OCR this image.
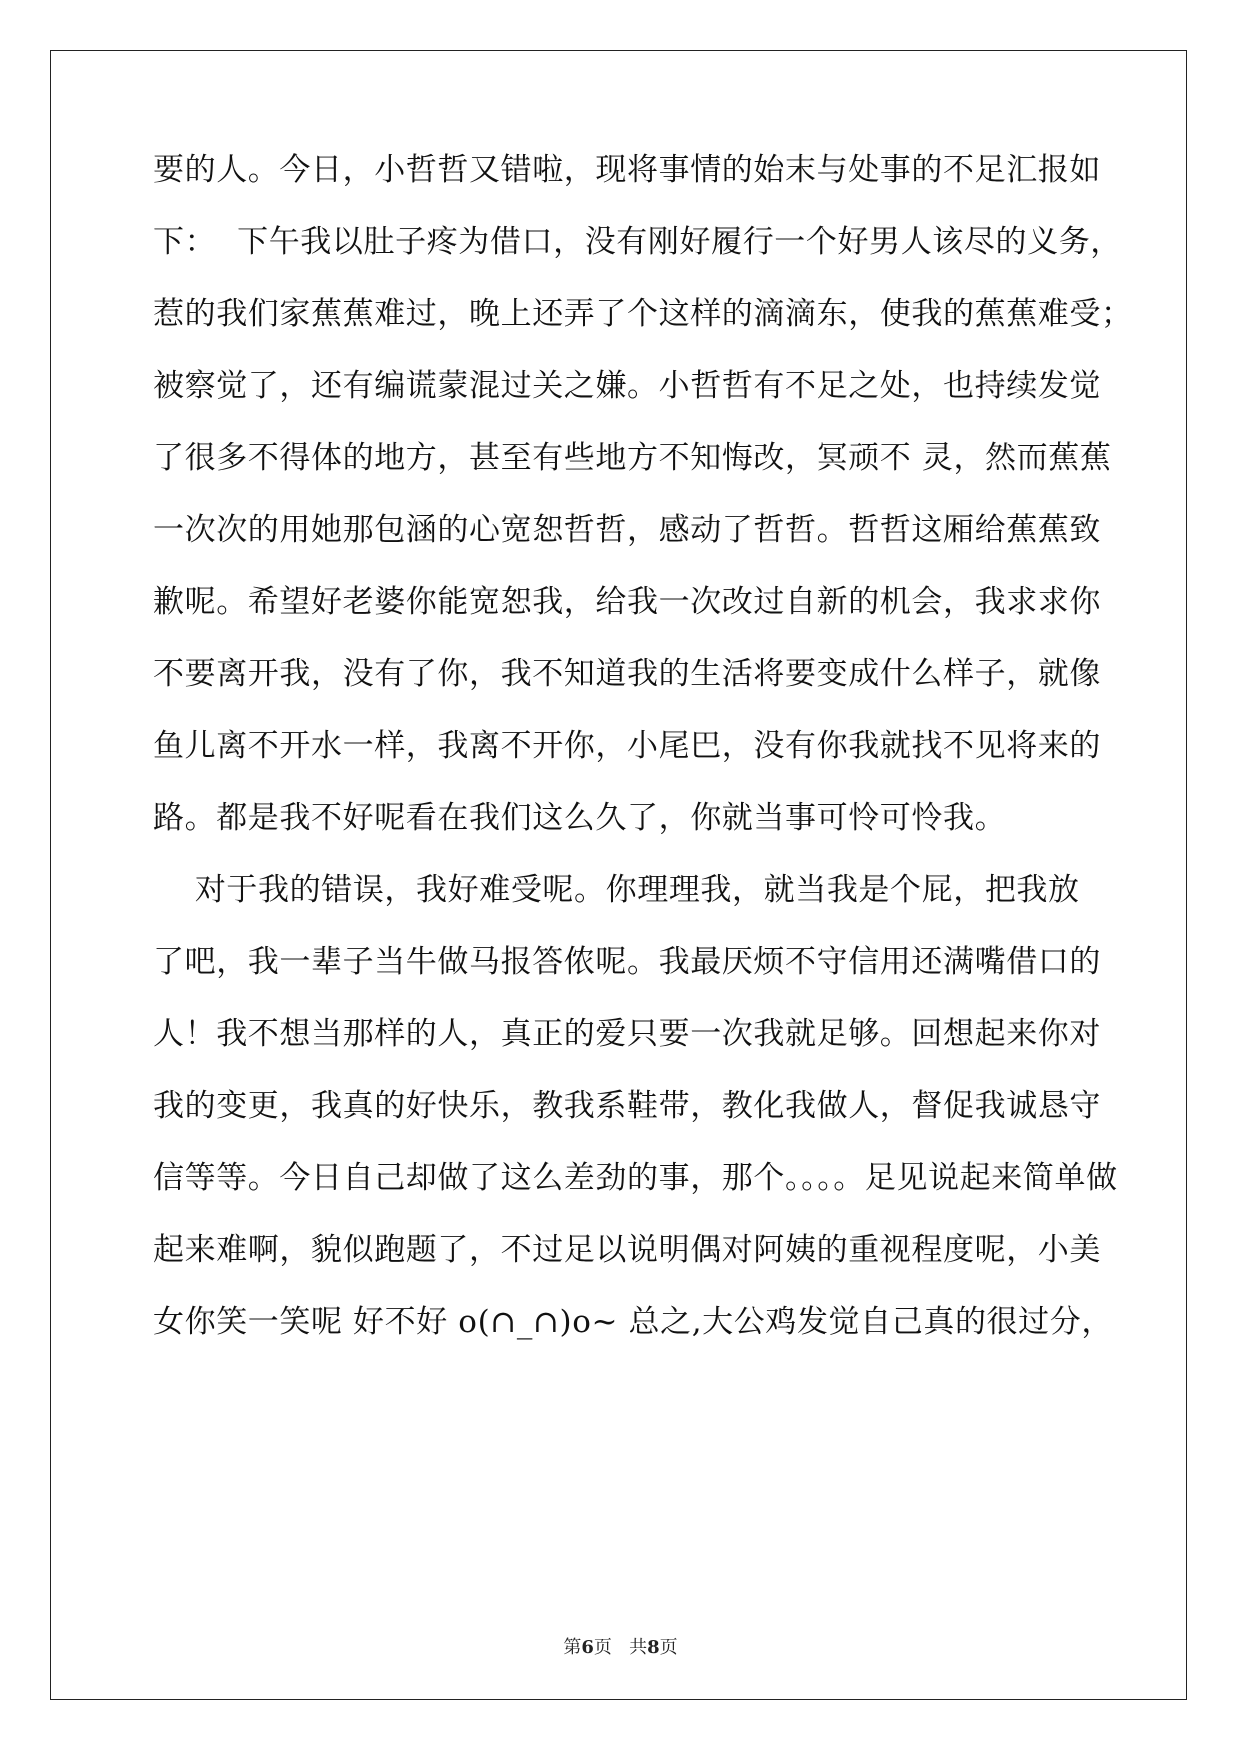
要的人。今日，小哲哲又错啦，现将事情的始末与处事的不足汇报如
下：  下午我以肚子疼为借口，没有刚好履行一个好男人该尽的义务，
惹的我们家蕉蕉难过，晚上还弄了个这样的滴滴东，使我的蕉蕉难受；
被察觉了，还有编谎蒙混过关之嫌。小哲哲有不足之处，也持续发觉
了很多不得体的地方，甚至有些地方不知悔改，冥顽不 灵，然而蕉蕉
一次次的用她那包涵的心宽恕哲哲，感动了哲哲。哲哲这厢给蕉蕉致
歉呢。希望好老婆你能宽恕我，给我一次改过自新的机会，我求求你
不要离开我，没有了你，我不知道我的生活将要变成什么样子，就像
鱼儿离不开水一样，我离不开你，小尾巴，没有你我就找不见将来的
路。都是我不好呢看在我们这么久了，你就当事可怜可怜我。
对于我的错误，我好难受呢。你理理我，就当我是个屁，把我放
了吧，我一辈子当牛做马报答侬呢。我最厌烦不守信用还满嘴借口的
人！我不想当那样的人，真正的爱只要一次我就足够。回想起来你对
我的变更，我真的好快乐，教我系鞋带，教化我做人，督促我诚恳守
信等等。今日自己却做了这么差劲的事，那个。。。。足见说起来简单做
起来难啊，貌似跑题了，不过足以说明偶对阿姨的重视程度呢，小美
女你笑一笑呢 好不好 o(∩_∩)o~ 总之,大公鸡发觉自己真的很过分，
第6页   共8页
